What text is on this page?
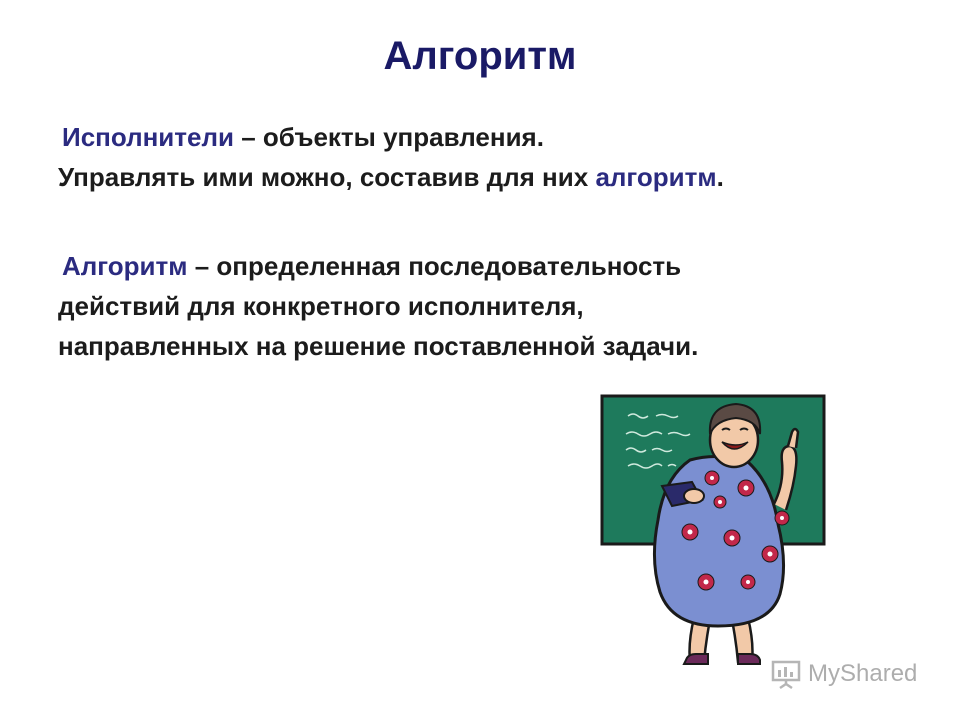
Алгоритм

Исполнители – объекты управления.
Управлять ими можно, составив для них алгоритм.

Алгоритм – определенная последовательность
действий для конкретного исполнителя,
направленных на решение поставленной задачи.

MyShared
